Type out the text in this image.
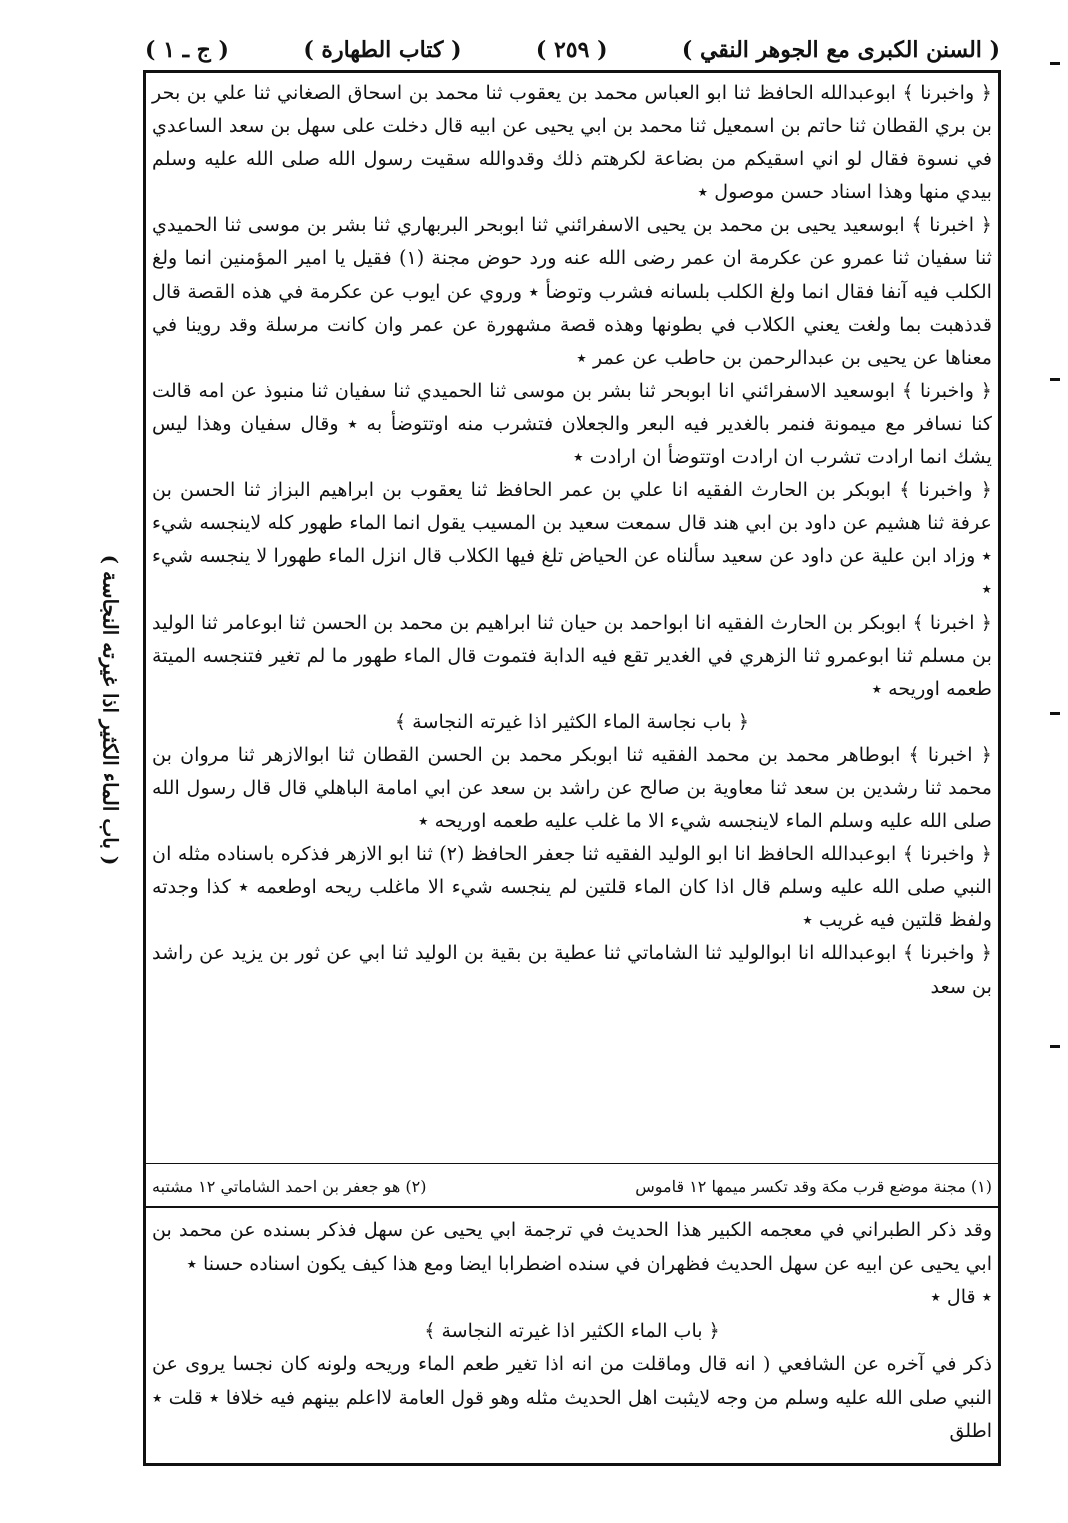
( السنن الكبرى مع الجوهر النقي )
( ٢٥٩ )
( كتاب الطهارة )
( ج ـ ١ )

﴿ واخبرنا ﴾ ابوعبدالله الحافظ ثنا ابو العباس محمد بن يعقوب ثنا محمد بن اسحاق الصغاني ثنا علي بن بحر بن بري القطان ثنا حاتم بن اسمعيل ثنا محمد بن ابي يحيى عن ابيه قال دخلت على سهل بن سعد الساعدي في نسوة فقال لو اني اسقيكم من بضاعة لكرهتم ذلك وقدوالله سقيت رسول الله صلى الله عليه وسلم بيدي منها وهذا اسناد حسن موصول ٭

﴿ اخبرنا ﴾ ابوسعيد يحيى بن محمد بن يحيى الاسفرائني ثنا ابوبحر البربهاري ثنا بشر بن موسى ثنا الحميدي ثنا سفيان ثنا عمرو عن عكرمة ان عمر رضى الله عنه ورد حوض مجنة (١) فقيل يا امير المؤمنين انما ولغ الكلب فيه آنفا فقال انما ولغ الكلب بلسانه فشرب وتوضأ ٭ وروي عن ايوب عن عكرمة في هذه القصة قال قدذهبت بما ولغت يعني الكلاب في بطونها وهذه قصة مشهورة عن عمر وان كانت مرسلة وقد روينا في معناها عن يحيى بن عبدالرحمن بن حاطب عن عمر ٭

﴿ واخبرنا ﴾ ابوسعيد الاسفرائني انا ابوبحر ثنا بشر بن موسى ثنا الحميدي ثنا سفيان ثنا منبوذ عن امه قالت كنا نسافر مع ميمونة فنمر بالغدير فيه البعر والجعلان فتشرب منه اوتتوضأ به ٭ وقال سفيان وهذا ليس يشك انما ارادت تشرب ان ارادت اوتتوضأ ان ارادت ٭

﴿ واخبرنا ﴾ ابوبكر بن الحارث الفقيه انا علي بن عمر الحافظ ثنا يعقوب بن ابراهيم البزاز ثنا الحسن بن عرفة ثنا هشيم عن داود بن ابي هند قال سمعت سعيد بن المسيب يقول انما الماء طهور كله لاينجسه شيء ٭ وزاد ابن علية عن داود عن سعيد سألناه عن الحياض تلغ فيها الكلاب قال انزل الماء طهورا لا ينجسه شيء ٭

﴿ اخبرنا ﴾ ابوبكر بن الحارث الفقيه انا ابواحمد بن حيان ثنا ابراهيم بن محمد بن الحسن ثنا ابوعامر ثنا الوليد بن مسلم ثنا ابوعمرو ثنا الزهري في الغدير تقع فيه الدابة فتموت قال الماء طهور ما لم تغير فتنجسه الميتة طعمه اوريحه ٭

﴿ باب نجاسة الماء الكثير اذا غيرته النجاسة ﴾

﴿ اخبرنا ﴾ ابوطاهر محمد بن محمد الفقيه ثنا ابوبكر محمد بن الحسن القطان ثنا ابوالازهر ثنا مروان بن محمد ثنا رشدين بن سعد ثنا معاوية بن صالح عن راشد بن سعد عن ابي امامة الباهلي قال قال رسول الله صلى الله عليه وسلم الماء لاينجسه شيء الا ما غلب عليه طعمه اوريحه ٭

﴿ واخبرنا ﴾ ابوعبدالله الحافظ انا ابو الوليد الفقيه ثنا جعفر الحافظ (٢) ثنا ابو الازهر فذكره باسناده مثله ان النبي صلى الله عليه وسلم قال اذا كان الماء قلتين لم ينجسه شيء الا ماغلب ريحه اوطعمه ٭ كذا وجدته ولفظ قلتين فيه غريب ٭

﴿ واخبرنا ﴾ ابوعبدالله انا ابوالوليد ثنا الشاماتي ثنا عطية بن بقية بن الوليد ثنا ابي عن ثور بن يزيد عن راشد بن سعد

(١) مجنة موضع قرب مكة وقد تكسر ميمها ١٢ قاموس
(٢) هو جعفر بن احمد الشاماتي ١٢ مشتبه

وقد ذكر الطبراني في معجمه الكبير هذا الحديث في ترجمة ابي يحيى عن سهل فذكر بسنده عن محمد بن ابي يحيى عن ابيه عن سهل الحديث فظهران في سنده اضطرابا ايضا ومع هذا كيف يكون اسناده حسنا ٭

٭ قال ٭

﴿ باب الماء الكثير اذا غيرته النجاسة ﴾

ذكر في آخره عن الشافعي ( انه قال وماقلت من انه اذا تغير طعم الماء وريحه ولونه كان نجسا يروى عن النبي صلى الله عليه وسلم من وجه لايثبت اهل الحديث مثله وهو قول العامة لااعلم بينهم فيه خلافا ٭ قلت ٭ اطلق

( باب الماء الكثير اذا غيرته النجاسة )
